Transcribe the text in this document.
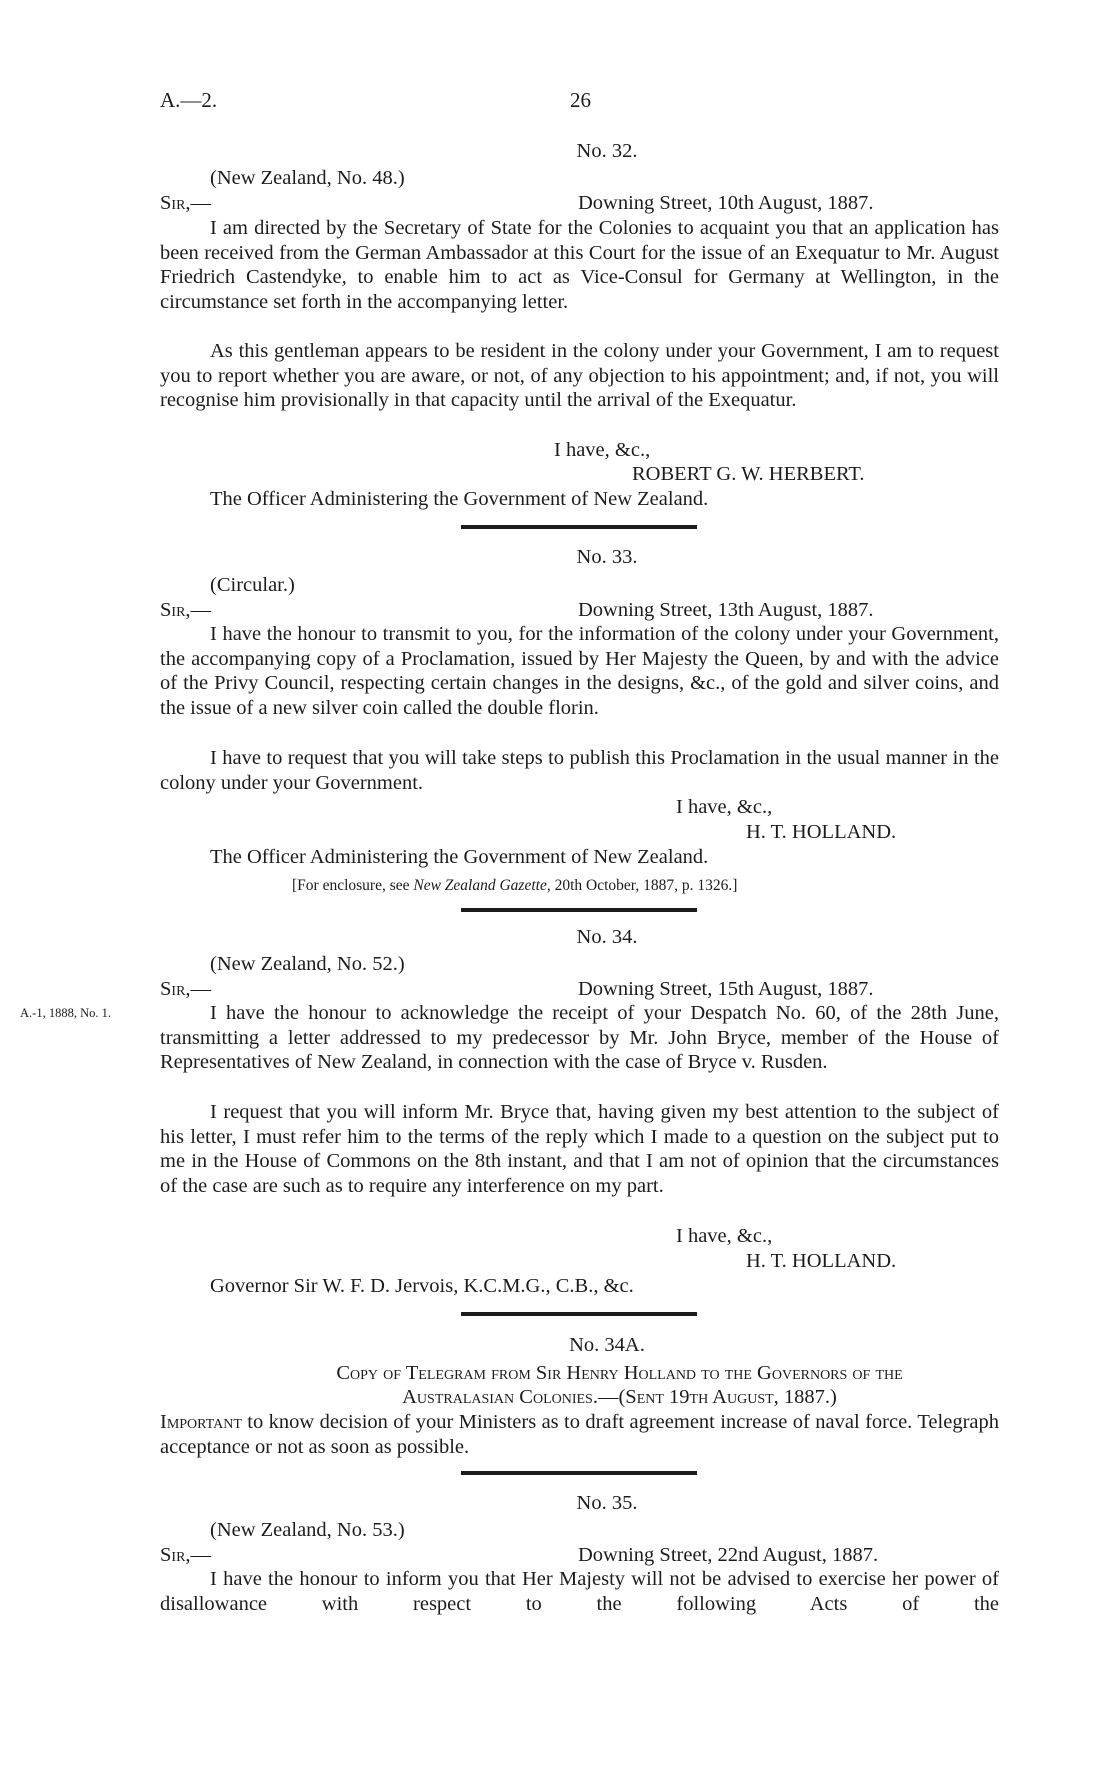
A.—2.	26
No. 32.
(New Zealand, No. 48.)
Sir,—	Downing Street, 10th August, 1887.
I am directed by the Secretary of State for the Colonies to acquaint you that an application has been received from the German Ambassador at this Court for the issue of an Exequatur to Mr. August Friedrich Castendyke, to enable him to act as Vice-Consul for Germany at Wellington, in the circumstance set forth in the accompanying letter.
As this gentleman appears to be resident in the colony under your Government, I am to request you to report whether you are aware, or not, of any objection to his appointment; and, if not, you will recognise him provisionally in that capacity until the arrival of the Exequatur.
I have, &c.,
ROBERT G. W. HERBERT.
The Officer Administering the Government of New Zealand.
No. 33.
(Circular.)
Sir,—	Downing Street, 13th August, 1887.
I have the honour to transmit to you, for the information of the colony under your Government, the accompanying copy of a Proclamation, issued by Her Majesty the Queen, by and with the advice of the Privy Council, respecting certain changes in the designs, &c., of the gold and silver coins, and the issue of a new silver coin called the double florin.
I have to request that you will take steps to publish this Proclamation in the usual manner in the colony under your Government.
I have, &c.,
H. T. HOLLAND.
The Officer Administering the Government of New Zealand.
[For enclosure, see New Zealand Gazette, 20th October, 1887, p. 1326.]
No. 34.
(New Zealand, No. 52.)
Sir,—	Downing Street, 15th August, 1887.
A.-1, 1888, No. 1.	I have the honour to acknowledge the receipt of your Despatch No. 60, of the 28th June, transmitting a letter addressed to my predecessor by Mr. John Bryce, member of the House of Representatives of New Zealand, in connection with the case of Bryce v. Rusden.
I request that you will inform Mr. Bryce that, having given my best attention to the subject of his letter, I must refer him to the terms of the reply which I made to a question on the subject put to me in the House of Commons on the 8th instant, and that I am not of opinion that the circumstances of the case are such as to require any interference on my part.
I have, &c.,
H. T. HOLLAND.
Governor Sir W. F. D. Jervois, K.C.M.G., C.B., &c.
No. 34A.
Copy of Telegram from Sir Henry Holland to the Governors of the
Australasian Colonies.—(Sent 19th August, 1887.)
Important to know decision of your Ministers as to draft agreement increase of naval force. Telegraph acceptance or not as soon as possible.
No. 35.
(New Zealand, No. 53.)
Sir,—	Downing Street, 22nd August, 1887.
I have the honour to inform you that Her Majesty will not be advised to exercise her power of disallowance with respect to the following Acts of the
